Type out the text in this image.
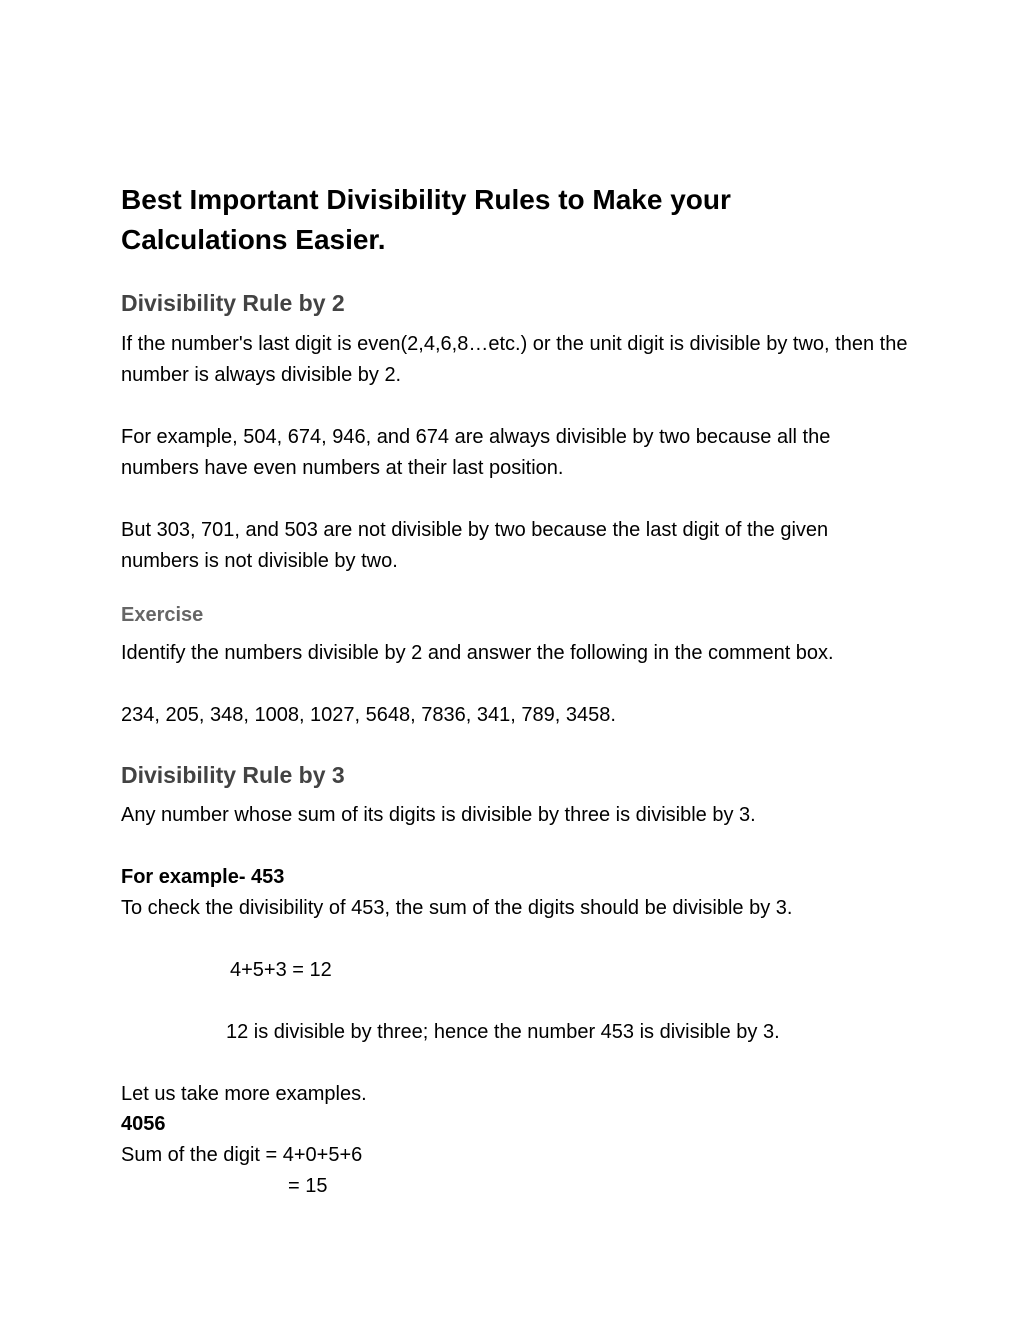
Best Important Divisibility Rules to Make your Calculations Easier.
Divisibility Rule by 2

If the number's last digit is even(2,4,6,8…etc.) or the unit digit is divisible by two, then the number is always divisible by 2.

For example, 504, 674, 946, and 674 are always divisible by two because all the numbers have even numbers at their last position.

But 303, 701, and 503 are not divisible by two because the last digit of the given numbers is not divisible by two.

Exercise

Identify the numbers divisible by 2 and answer the following in the comment box.

234, 205, 348, 1008, 1027, 5648, 7836, 341, 789, 3458.

Divisibility Rule by 3

Any number whose sum of its digits is divisible by three is divisible by 3.

For example- 453

To check the divisibility of 453, the sum of the digits should be divisible by 3.

4+5+3 = 12

12 is divisible by three; hence the number 453 is divisible by 3.

Let us take more examples.

4056

Sum of the digit = 4+0+5+6

= 15
